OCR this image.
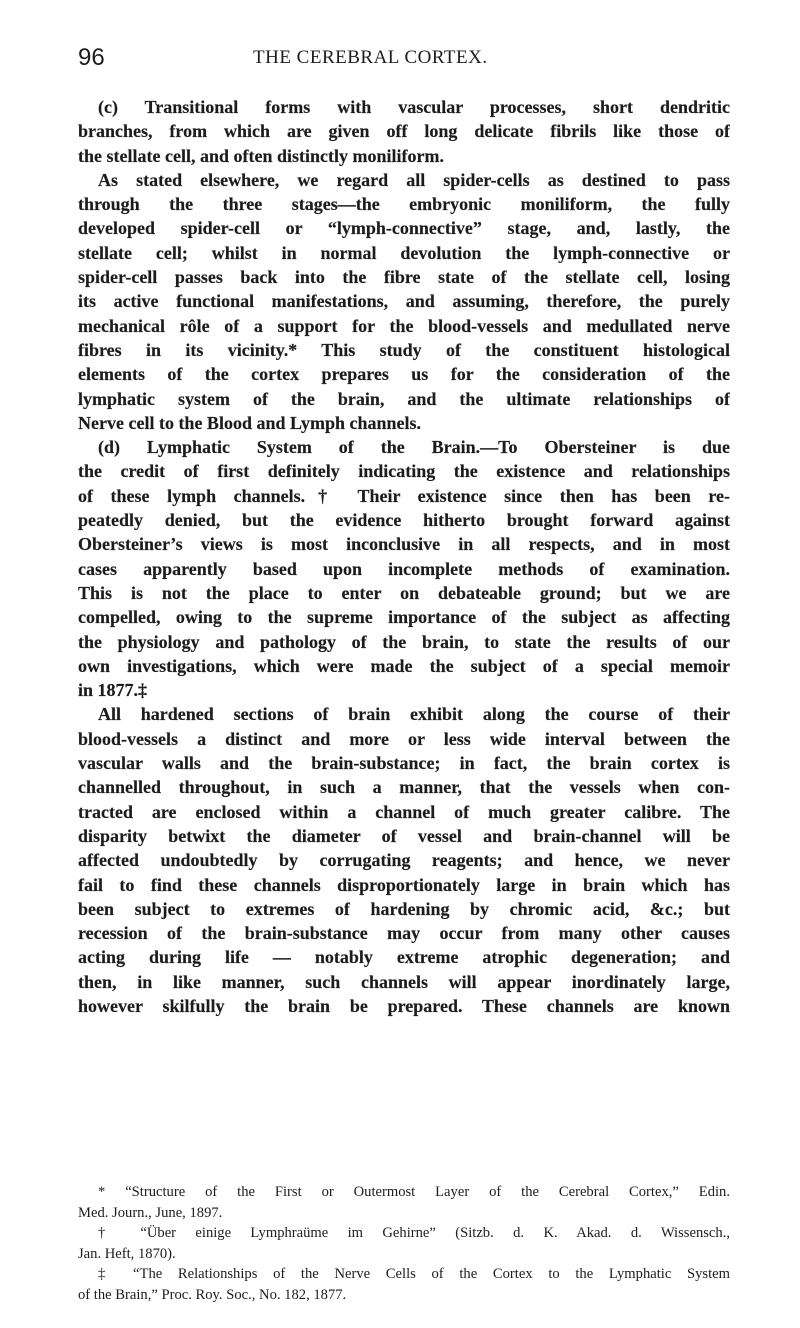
96	THE CEREBRAL CORTEX.
(c) Transitional forms with vascular processes, short dendritic
branches, from which are given off long delicate fibrils like those of
the stellate cell, and often distinctly moniliform.
As stated elsewhere, we regard all spider-cells as destined to pass
through the three stages—the embryonic moniliform, the fully
developed spider-cell or “lymph-connective” stage, and, lastly, the
stellate cell; whilst in normal devolution the lymph-connective or
spider-cell passes back into the fibre state of the stellate cell, losing
its active functional manifestations, and assuming, therefore, the purely
mechanical rôle of a support for the blood-vessels and medullated nerve
fibres in its vicinity.* This study of the constituent histological
elements of the cortex prepares us for the consideration of the
lymphatic system of the brain, and the ultimate relationships of
Nerve cell to the Blood and Lymph channels.
(d) Lymphatic System of the Brain.—To Obersteiner is due
the credit of first definitely indicating the existence and relationships
of these lymph channels.† Their existence since then has been re-
peatedly denied, but the evidence hitherto brought forward against
Obersteiner’s views is most inconclusive in all respects, and in most
cases apparently based upon incomplete methods of examination.
This is not the place to enter on debateable ground; but we are
compelled, owing to the supreme importance of the subject as affecting
the physiology and pathology of the brain, to state the results of our
own investigations, which were made the subject of a special memoir
in 1877.‡
All hardened sections of brain exhibit along the course of their
blood-vessels a distinct and more or less wide interval between the
vascular walls and the brain-substance; in fact, the brain cortex is
channelled throughout, in such a manner, that the vessels when con-
tracted are enclosed within a channel of much greater calibre. The
disparity betwixt the diameter of vessel and brain-channel will be
affected undoubtedly by corrugating reagents; and hence, we never
fail to find these channels disproportionately large in brain which has
been subject to extremes of hardening by chromic acid, &c.; but
recession of the brain-substance may occur from many other causes
acting during life — notably extreme atrophic degeneration; and
then, in like manner, such channels will appear inordinately large,
however skilfully the brain be prepared. These channels are known
* “Structure of the First or Outermost Layer of the Cerebral Cortex,” Edin.
Med. Journ., June, 1897.
† “Über einige Lymphraüme im Gehirne” (Sitzb. d. K. Akad. d. Wissensch.,
Jan. Heft, 1870).
‡ “The Relationships of the Nerve Cells of the Cortex to the Lymphatic System
of the Brain,” Proc. Roy. Soc., No. 182, 1877.
